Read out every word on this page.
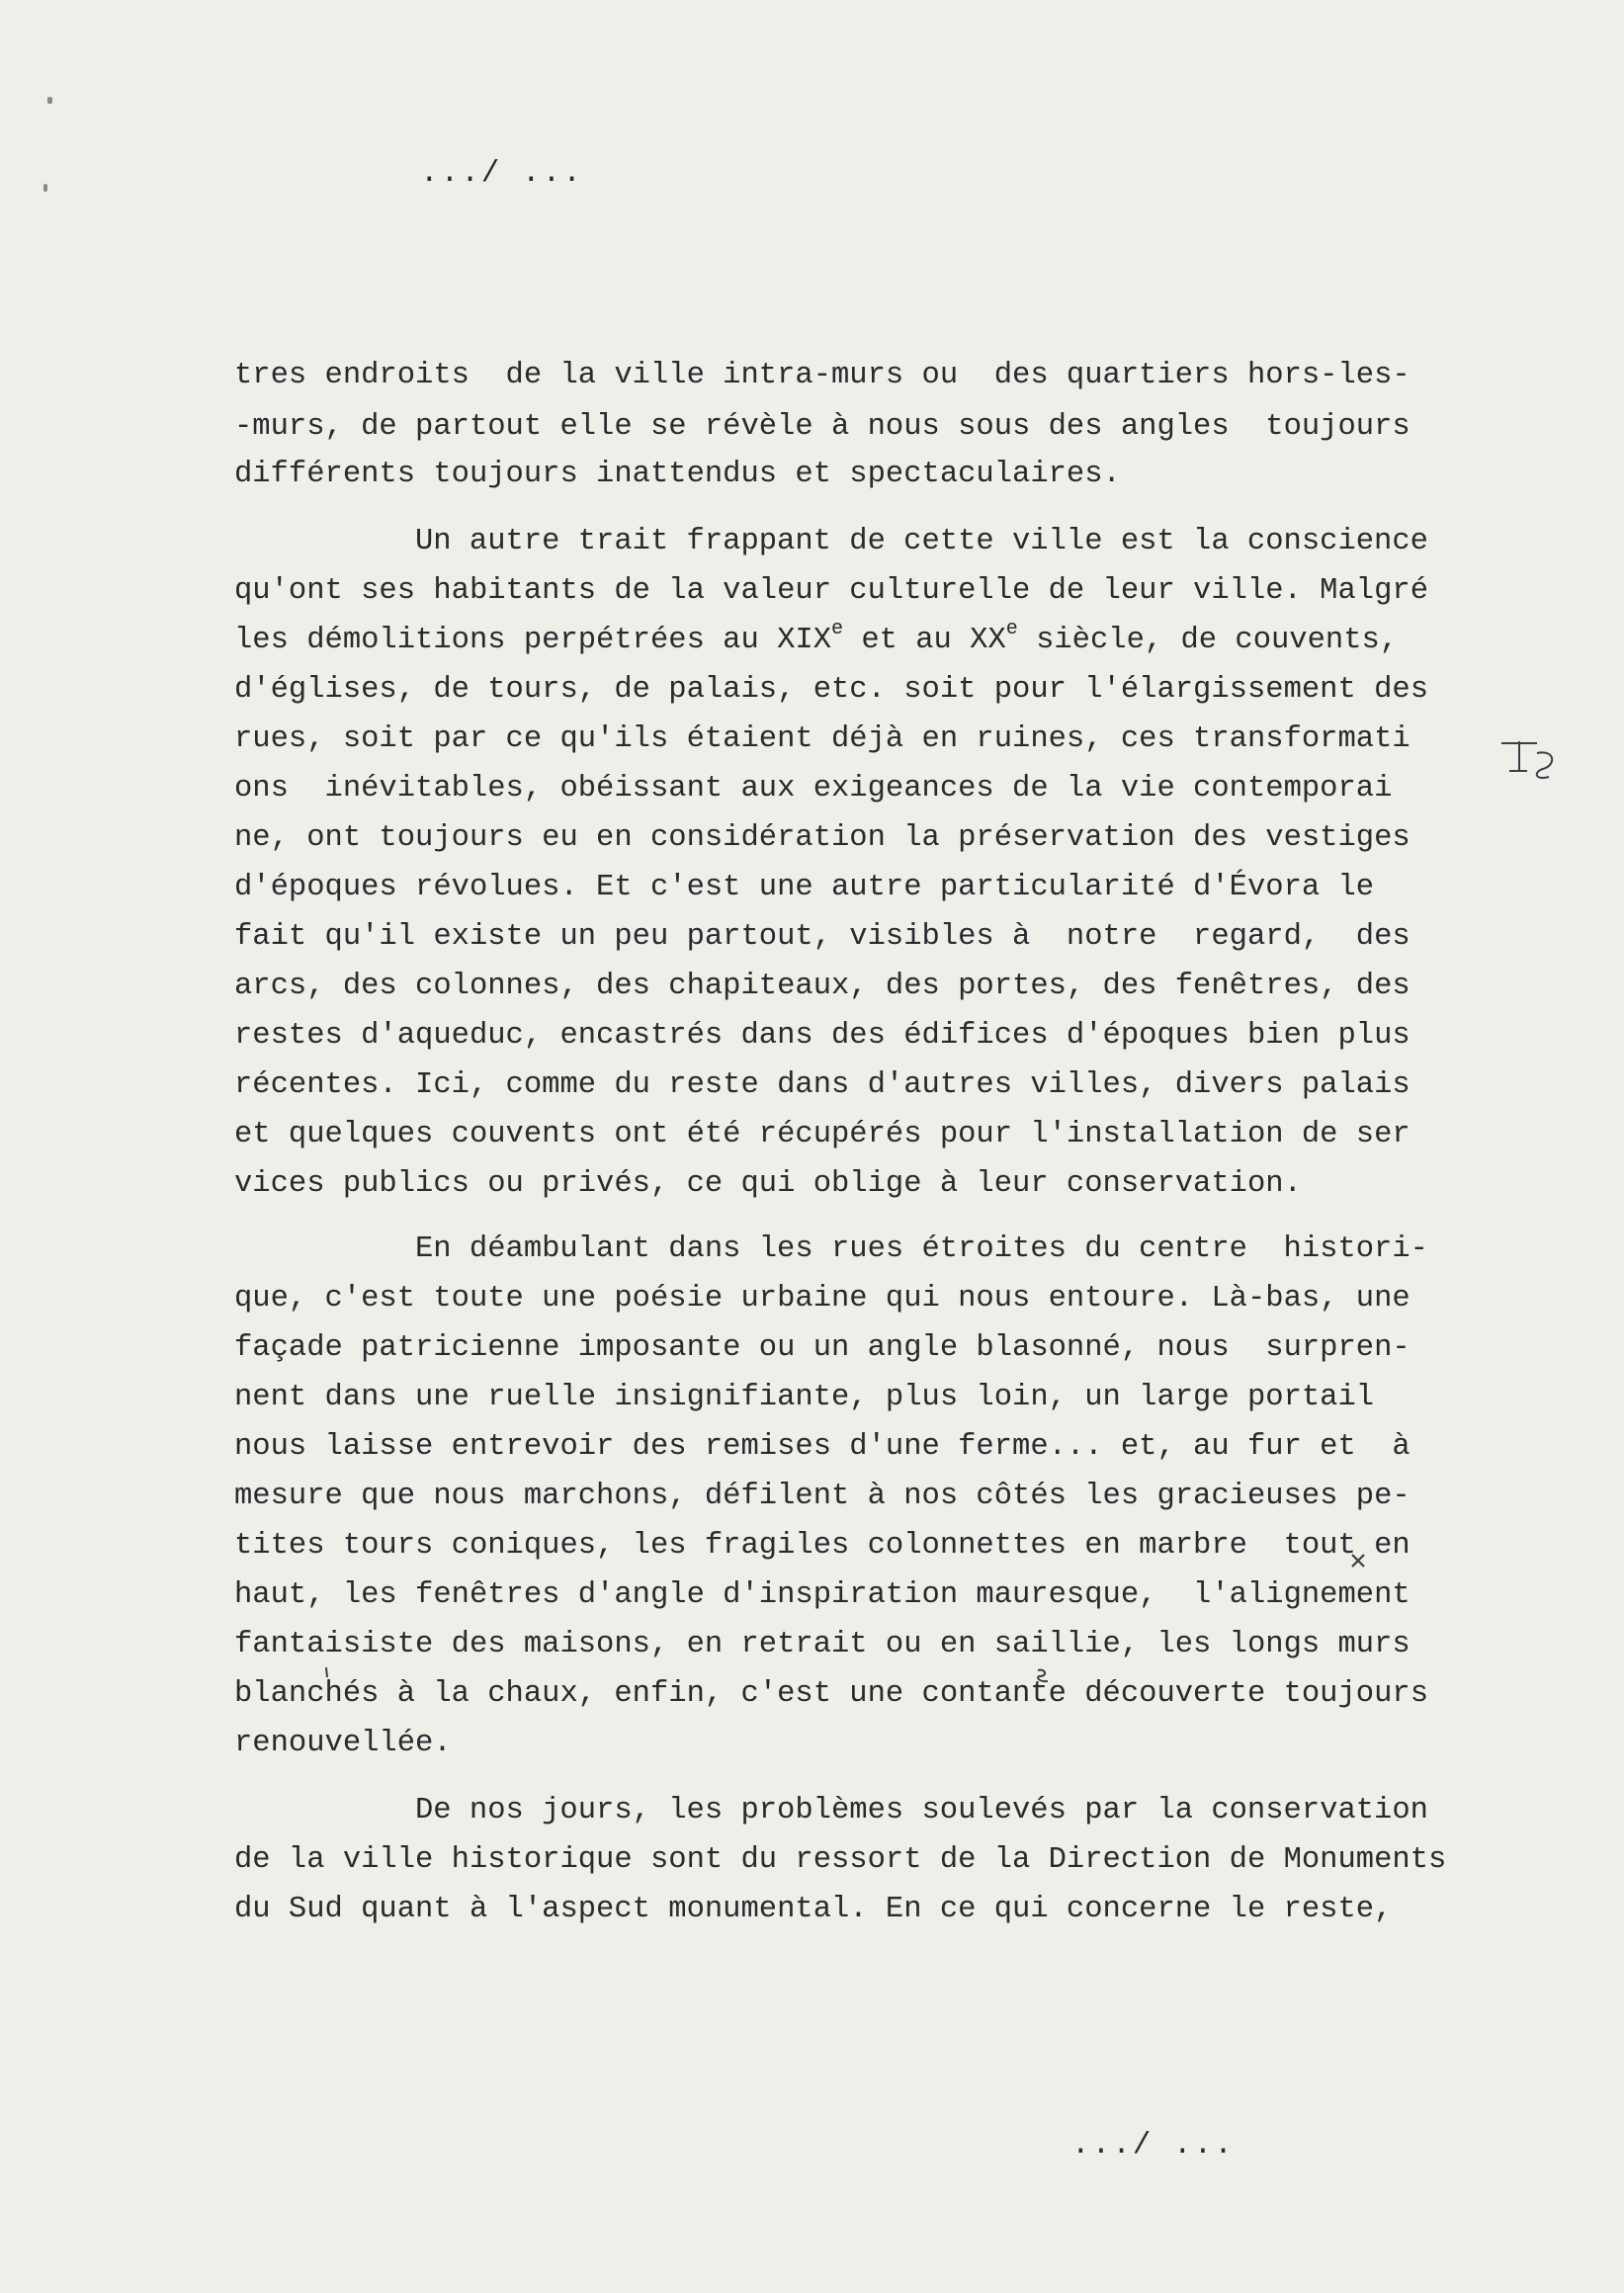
.../ ...
tres endroits  de la ville intra-murs ou  des quartiers hors-les-
-murs, de partout elle se révèle à nous sous des angles  toujours
différents toujours inattendus et spectaculaires.
Un autre trait frappant de cette ville est la conscience
qu'ont ses habitants de la valeur culturelle de leur ville. Malgré
les démolitions perpétrées au XIXe et au XXe siècle, de couvents,
d'églises, de tours, de palais, etc. soit pour l'élargissement des
rues, soit par ce qu'ils étaient déjà en ruines, ces transformati
ons  inévitables, obéissant aux exigeances de la vie contemporai
ne, ont toujours eu en considération la préservation des vestiges
d'époques révolues. Et c'est une autre particularité d'Évora le
fait qu'il existe un peu partout, visibles à  notre  regard,  des
arcs, des colonnes, des chapiteaux, des portes, des fenêtres, des
restes d'aqueduc, encastrés dans des édifices d'époques bien plus
récentes. Ici, comme du reste dans d'autres villes, divers palais
et quelques couvents ont été récupérés pour l'installation de ser
vices publics ou privés, ce qui oblige à leur conservation.
En déambulant dans les rues étroites du centre  histori-
que, c'est toute une poésie urbaine qui nous entoure. Là-bas, une
façade patricienne imposante ou un angle blasonné, nous  surpren-
nent dans une ruelle insignifiante, plus loin, un large portail
nous laisse entrevoir des remises d'une ferme... et, au fur et  à
mesure que nous marchons, défilent à nos côtés les gracieuses pe-
tites tours coniques, les fragiles colonnettes en marbre  tout en
haut, les fenêtres d'angle d'inspiration mauresque,  l'alignement
fantaisiste des maisons, en retrait ou en saillie, les longs murs
blanchés à la chaux, enfin, c'est une contante découverte toujours
renouvellée.
De nos jours, les problèmes soulevés par la conservation
de la ville historique sont du ressort de la Direction de Monuments
du Sud quant à l'aspect monumental. En ce qui concerne le reste,
.../ ...
